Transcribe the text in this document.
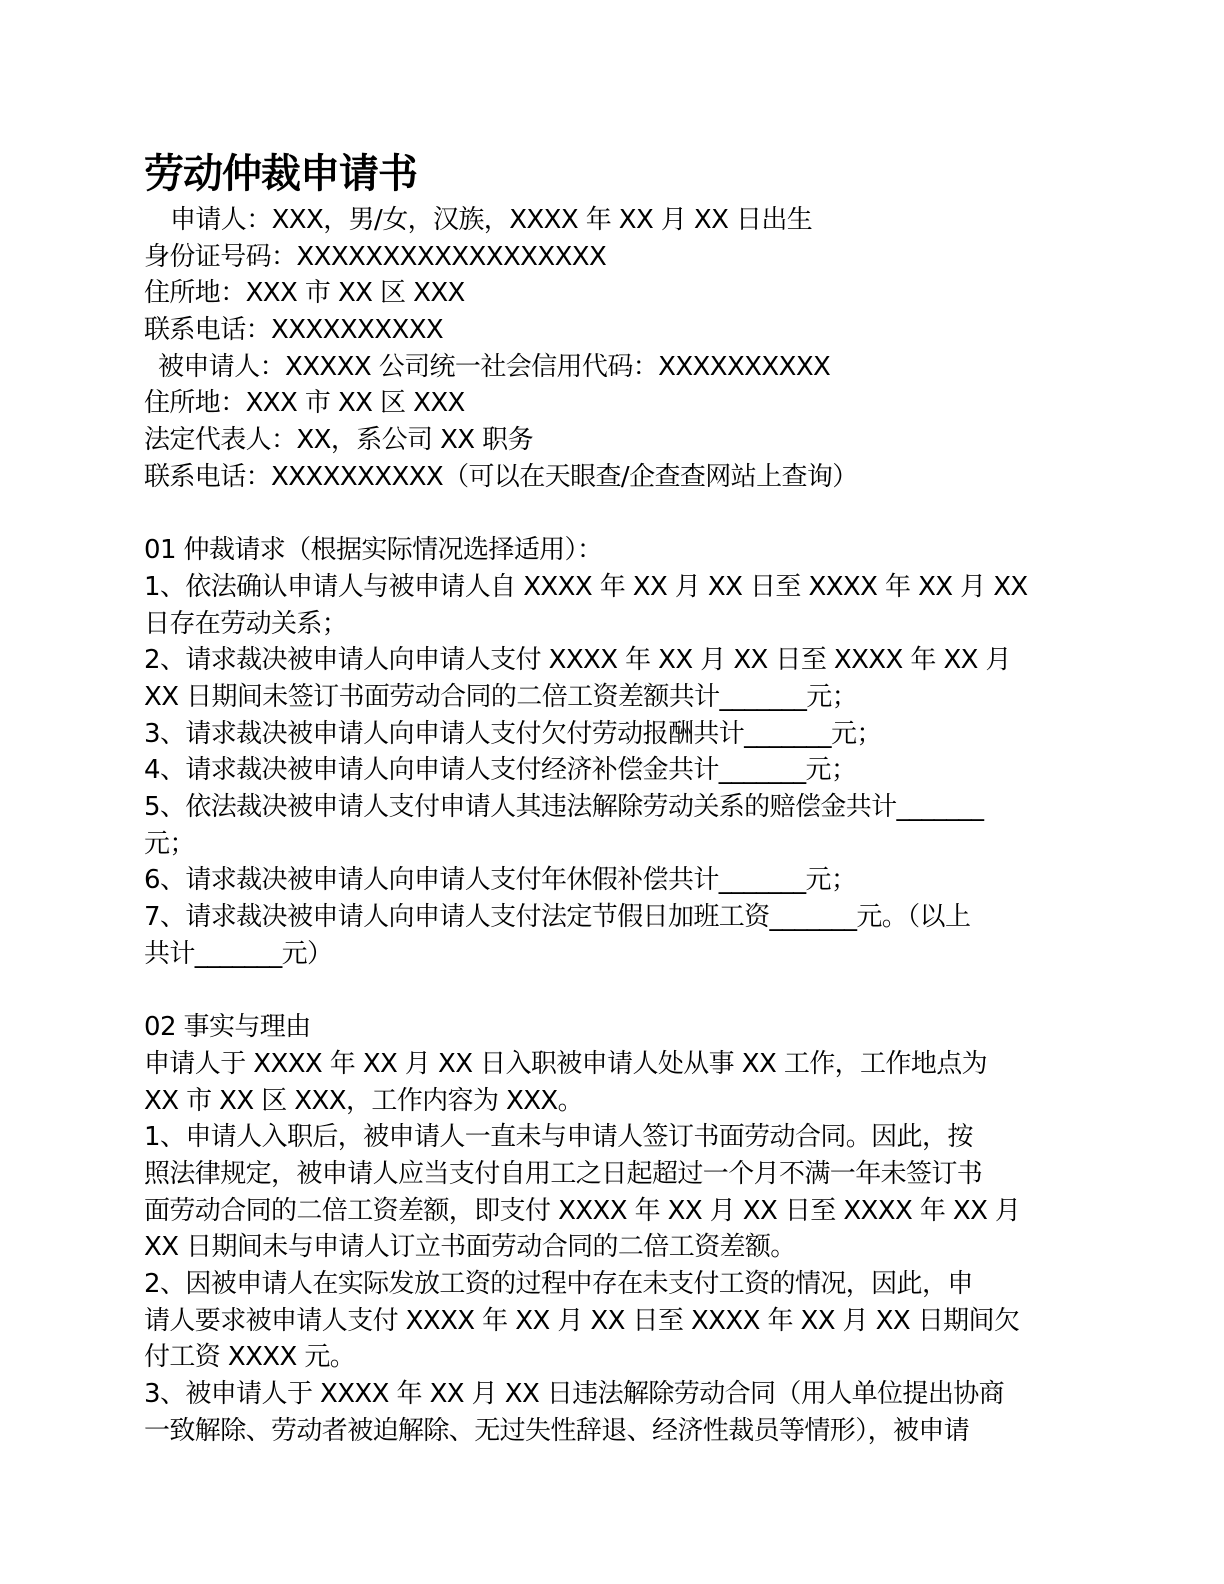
劳动仲裁申请书
申请人：XXX，男/女，汉族，XXXX 年 XX 月 XX 日出生
身份证号码：XXXXXXXXXXXXXXXXXX
住所地：XXX 市 XX 区 XXX
联系电话：XXXXXXXXXX
被申请人：XXXXX 公司统一社会信用代码：XXXXXXXXXX
住所地：XXX 市 XX 区 XXX
法定代表人：XX，系公司 XX 职务
联系电话：XXXXXXXXXX（可以在天眼查/企查查网站上查询）
01 仲裁请求（根据实际情况选择适用）：
1、依法确认申请人与被申请人自 XXXX 年 XX 月 XX 日至 XXXX 年 XX 月 XX
日存在劳动关系；
2、请求裁决被申请人向申请人支付 XXXX 年 XX 月 XX 日至 XXXX 年 XX 月
XX 日期间未签订书面劳动合同的二倍工资差额共计_______元；
3、请求裁决被申请人向申请人支付欠付劳动报酬共计_______元；
4、请求裁决被申请人向申请人支付经济补偿金共计_______元；
5、依法裁决被申请人支付申请人其违法解除劳动关系的赔偿金共计_______
元；
6、请求裁决被申请人向申请人支付年休假补偿共计_______元；
7、请求裁决被申请人向申请人支付法定节假日加班工资_______元。（以上
共计_______元）
02 事实与理由
申请人于 XXXX 年 XX 月 XX 日入职被申请人处从事 XX 工作，工作地点为
XX 市 XX 区 XXX，工作内容为 XXX。
1、申请人入职后，被申请人一直未与申请人签订书面劳动合同。因此，按
照法律规定，被申请人应当支付自用工之日起超过一个月不满一年未签订书
面劳动合同的二倍工资差额，即支付 XXXX 年 XX 月 XX 日至 XXXX 年 XX 月
XX 日期间未与申请人订立书面劳动合同的二倍工资差额。
2、因被申请人在实际发放工资的过程中存在未支付工资的情况，因此，申
请人要求被申请人支付 XXXX 年 XX 月 XX 日至 XXXX 年 XX 月 XX 日期间欠
付工资 XXXX 元。
3、被申请人于 XXXX 年 XX 月 XX 日违法解除劳动合同（用人单位提出协商
一致解除、劳动者被迫解除、无过失性辞退、经济性裁员等情形），被申请
